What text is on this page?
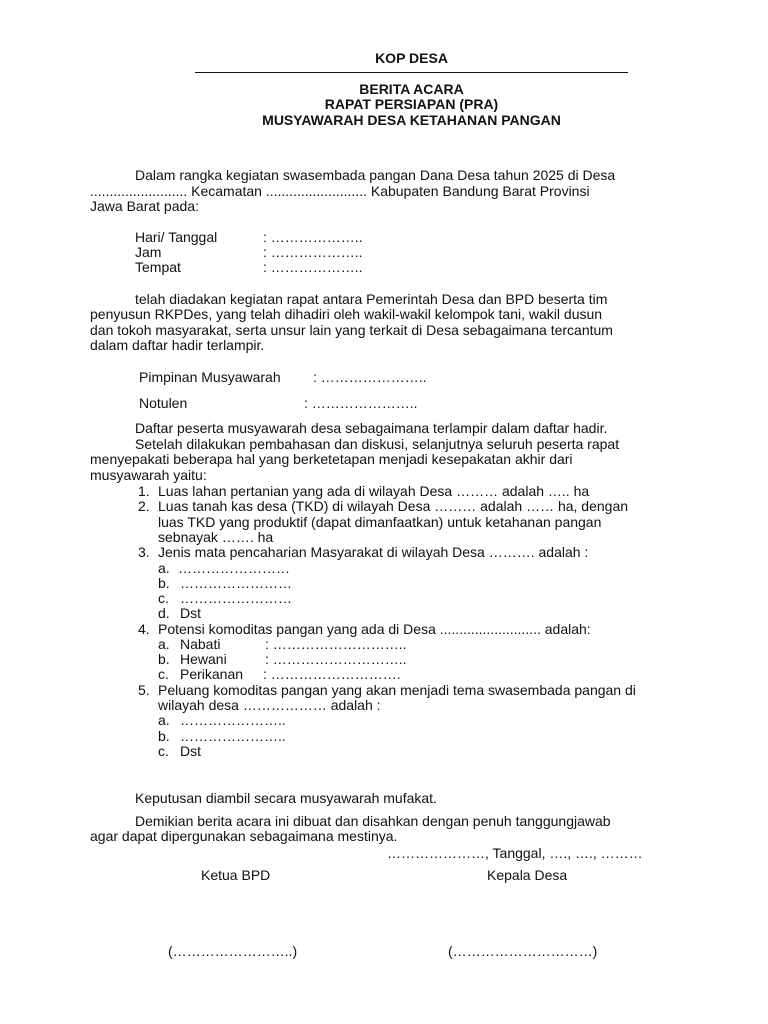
KOP DESA
BERITA ACARA
RAPAT PERSIAPAN (PRA)
MUSYAWARAH DESA KETAHANAN PANGAN
Dalam rangka kegiatan swasembada pangan Dana Desa tahun 2025 di Desa
......................... Kecamatan .......................... Kabupaten Bandung Barat Provinsi
Jawa Barat pada:
Hari/ Tanggal	: ………………..
Jam	: ………………..
Tempat	: ………………..
telah diadakan kegiatan rapat antara Pemerintah Desa dan BPD beserta tim
penyusun RKPDes, yang telah dihadiri oleh wakil-wakil kelompok tani, wakil dusun
dan tokoh masyarakat, serta unsur lain yang terkait di Desa sebagaimana tercantum
dalam daftar hadir terlampir.
Pimpinan Musyawarah : …………………..
Notulen	: …………………..
Daftar peserta musyawarah desa sebagaimana terlampir dalam daftar hadir.
Setelah dilakukan pembahasan dan diskusi, selanjutnya seluruh peserta rapat
menyepakati beberapa hal yang berketetapan menjadi kesepakatan akhir dari
musyawarah yaitu:
1. Luas lahan pertanian yang ada di wilayah Desa ……… adalah ….. ha
2. Luas tanah kas desa (TKD) di wilayah Desa ……… adalah …… ha, dengan
luas TKD yang produktif (dapat dimanfaatkan) untuk ketahanan pangan
sebnayak ……. ha
3. Jenis mata pencaharian Masyarakat di wilayah Desa ………. adalah :
a. ……………………
b. ……………………
c. ……………………
d. Dst
4. Potensi komoditas pangan yang ada di Desa .......................... adalah:
a. Nabati	: ………………………..
b. Hewani	: ………………………..
c. Perikanan : ……………………….
5. Peluang komoditas pangan yang akan menjadi tema swasembada pangan di
wilayah desa ……………… adalah :
a. …………………..
b. …………………..
c. Dst
Keputusan diambil secara musyawarah mufakat.
Demikian berita acara ini dibuat dan disahkan dengan penuh tanggungjawab
agar dapat dipergunakan sebagaimana mestinya.
…………………, Tanggal, …., …., ………
Ketua BPD	Kepala Desa
(……………………..)	(…………………………)
